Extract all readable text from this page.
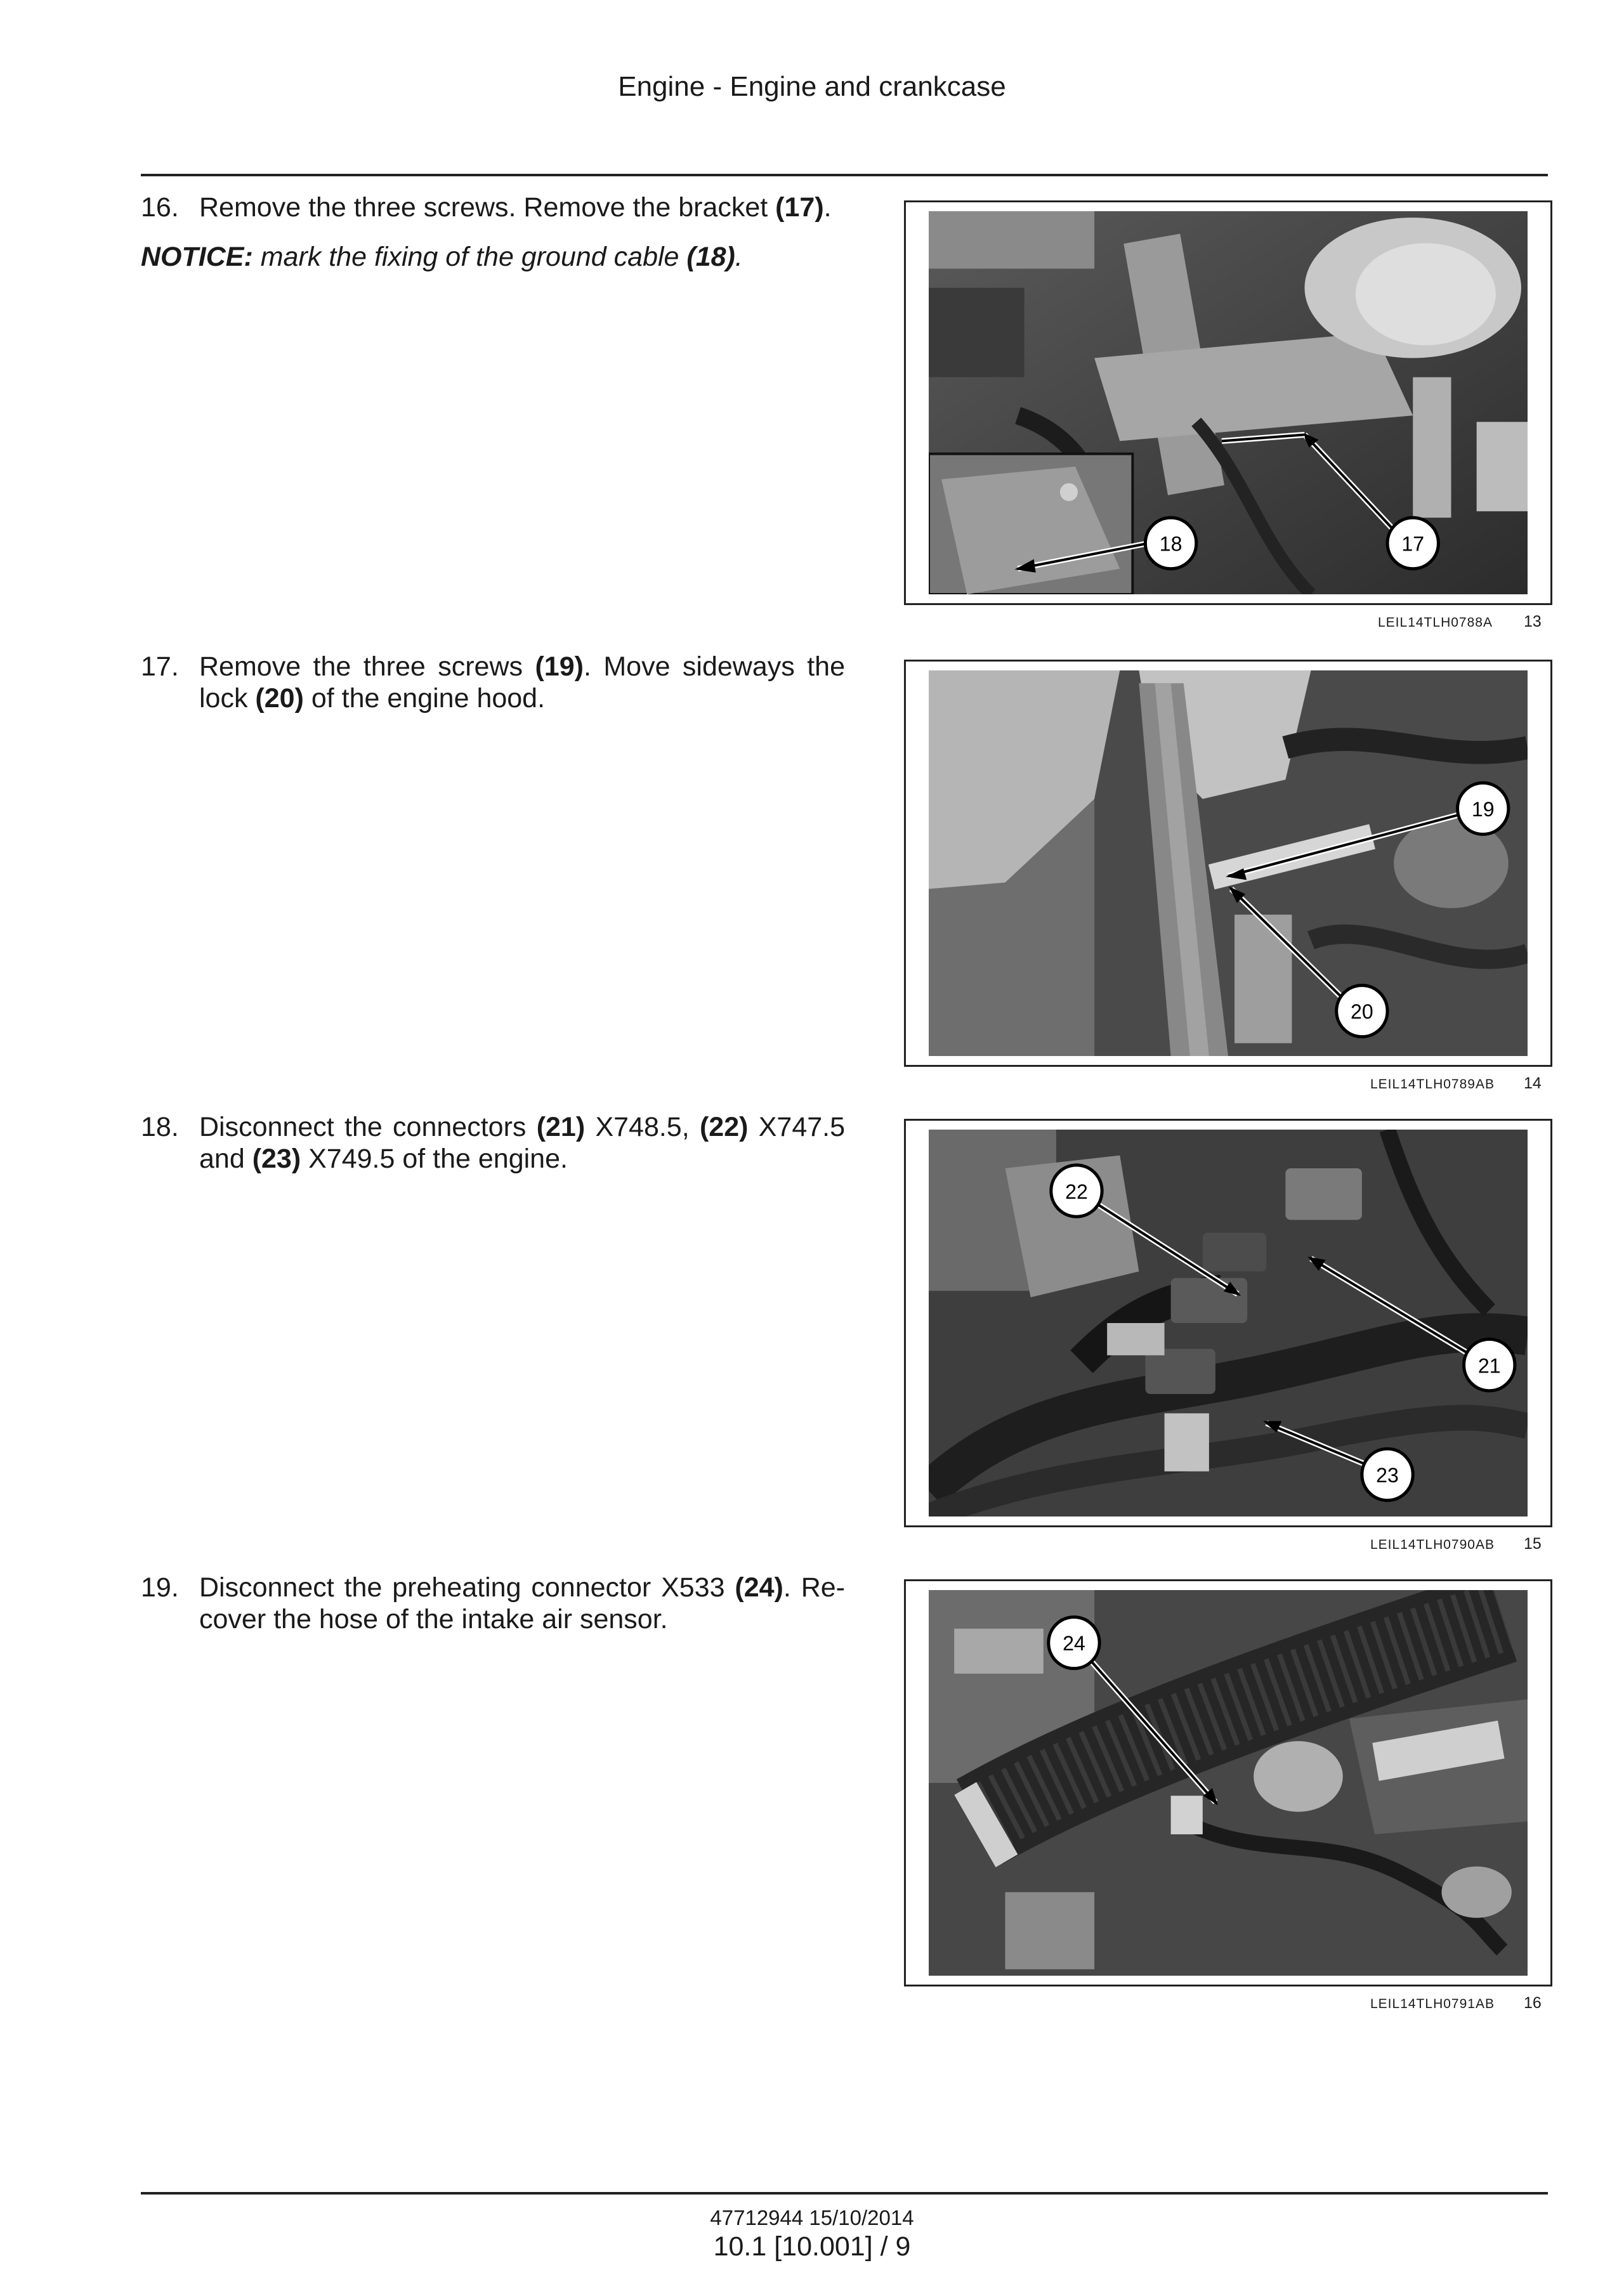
Engine - Engine and crankcase
16. Remove the three screws. Remove the bracket (17).
NOTICE: mark the fixing of the ground cable (18).
18	17
LEIL14TLH0788A 13
17. Remove the three screws (19). Move sideways the lock (20) of the engine hood.
19
20
LEIL14TLH0789AB 14
18. Disconnect the connectors (21) X748.5, (22) X747.5 and (23) X749.5 of the engine.
22
21
23
LEIL14TLH0790AB 15
19. Disconnect the preheating connector X533 (24). Re-cover the hose of the intake air sensor.
24
LEIL14TLH0791AB 16
47712944 15/10/2014
10.1 [10.001] / 9
